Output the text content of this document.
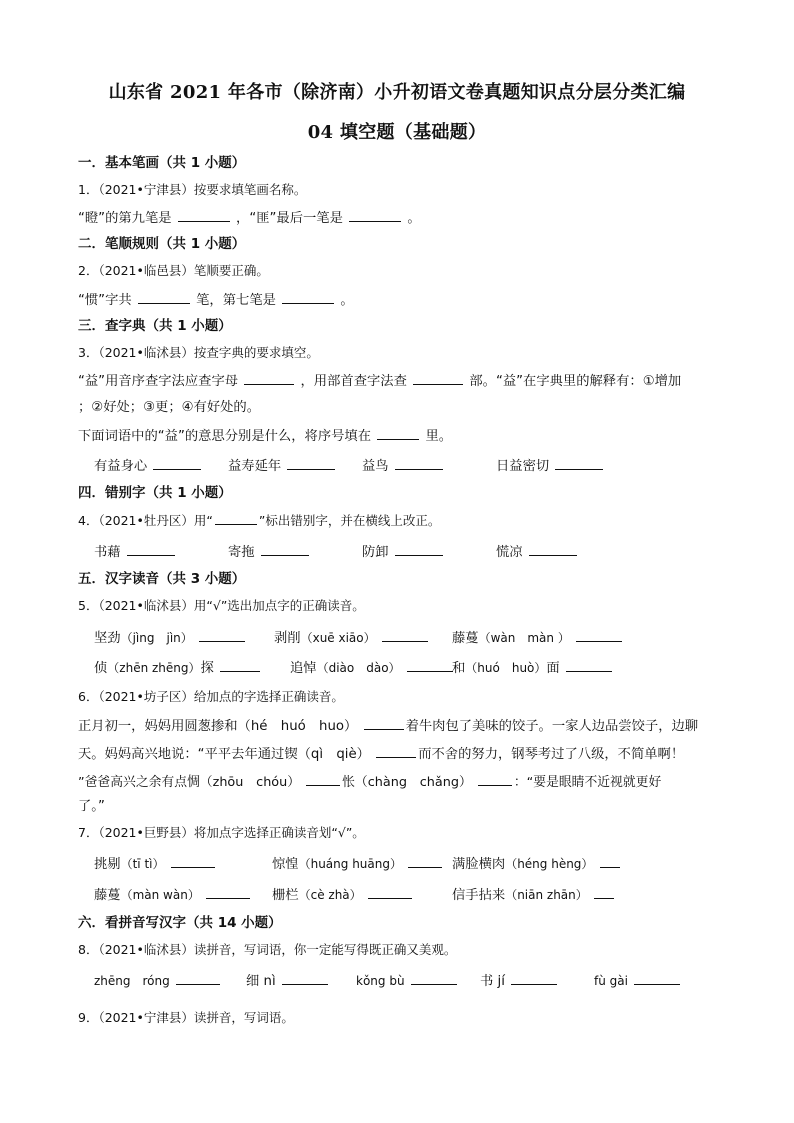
山东省 2021 年各市（除济南）小升初语文卷真题知识点分层分类汇编
04 填空题（基础题）
一．基本笔画（共 1 小题）
1．（2021•宁津县）按要求填笔画名称。
“瞪”的第九笔是	，“匪”最后一笔是	。
二．笔顺规则（共 1 小题）
2．（2021•临邑县）笔顺要正确。
“惯”字共	笔，第七笔是	。
三．查字典（共 1 小题）
3．（2021•临沭县）按查字典的要求填空。
“益”用音序查字法应查字母	，用部首查字法查	部。“益”在字典里的解释有：①增加
；②好处；③更；④有好处的。
下面词语中的“益”的意思分别是什么，将序号填在	里。
有益身心	益寿延年	益鸟	日益密切
四．错别字（共 1 小题）
4．（2021•牡丹区）用“	”标出错别字，并在横线上改正。
书藉	寄拖	防卸	慌凉
五．汉字读音（共 3 小题）
5．（2021•临沭县）用“√”选出加点字的正确读音。
坚劲（jìng　jìn）	剥削（xuē xiāo）	藤蔓（wàn　màn ）
侦（zhēn zhēng）探	追悼（diào　dào）	和（huó　huò）面
6．（2021•坊子区）给加点的字选择正确读音。
正月初一，妈妈用圆葱掺和（hé　huó　huo）	着牛肉包了美味的饺子。一家人边品尝饺子，边聊
天。妈妈高兴地说：“平平去年通过锲（qì　qiè）	而不舍的努力，钢琴考过了八级，不简单啊！
”爸爸高兴之余有点惆（zhōu　chóu）	怅（chàng　chǎng）	：“要是眼睛不近视就更好
了。”
7．（2021•巨野县）将加点字选择正确读音划“√”。
挑剔（tī tì）	惊惶（huáng huāng）	满脸横肉（héng hèng）
藤蔓（màn wàn）	栅栏（cè zhà）	信手拈来（niān zhān）
六．看拼音写汉字（共 14 小题）
8．（2021•临沭县）读拼音，写词语，你一定能写得既正确又美观。
zhēng　róng	细 nì	kǒng bù	书 jí	fù gài
9．（2021•宁津县）读拼音，写词语。
